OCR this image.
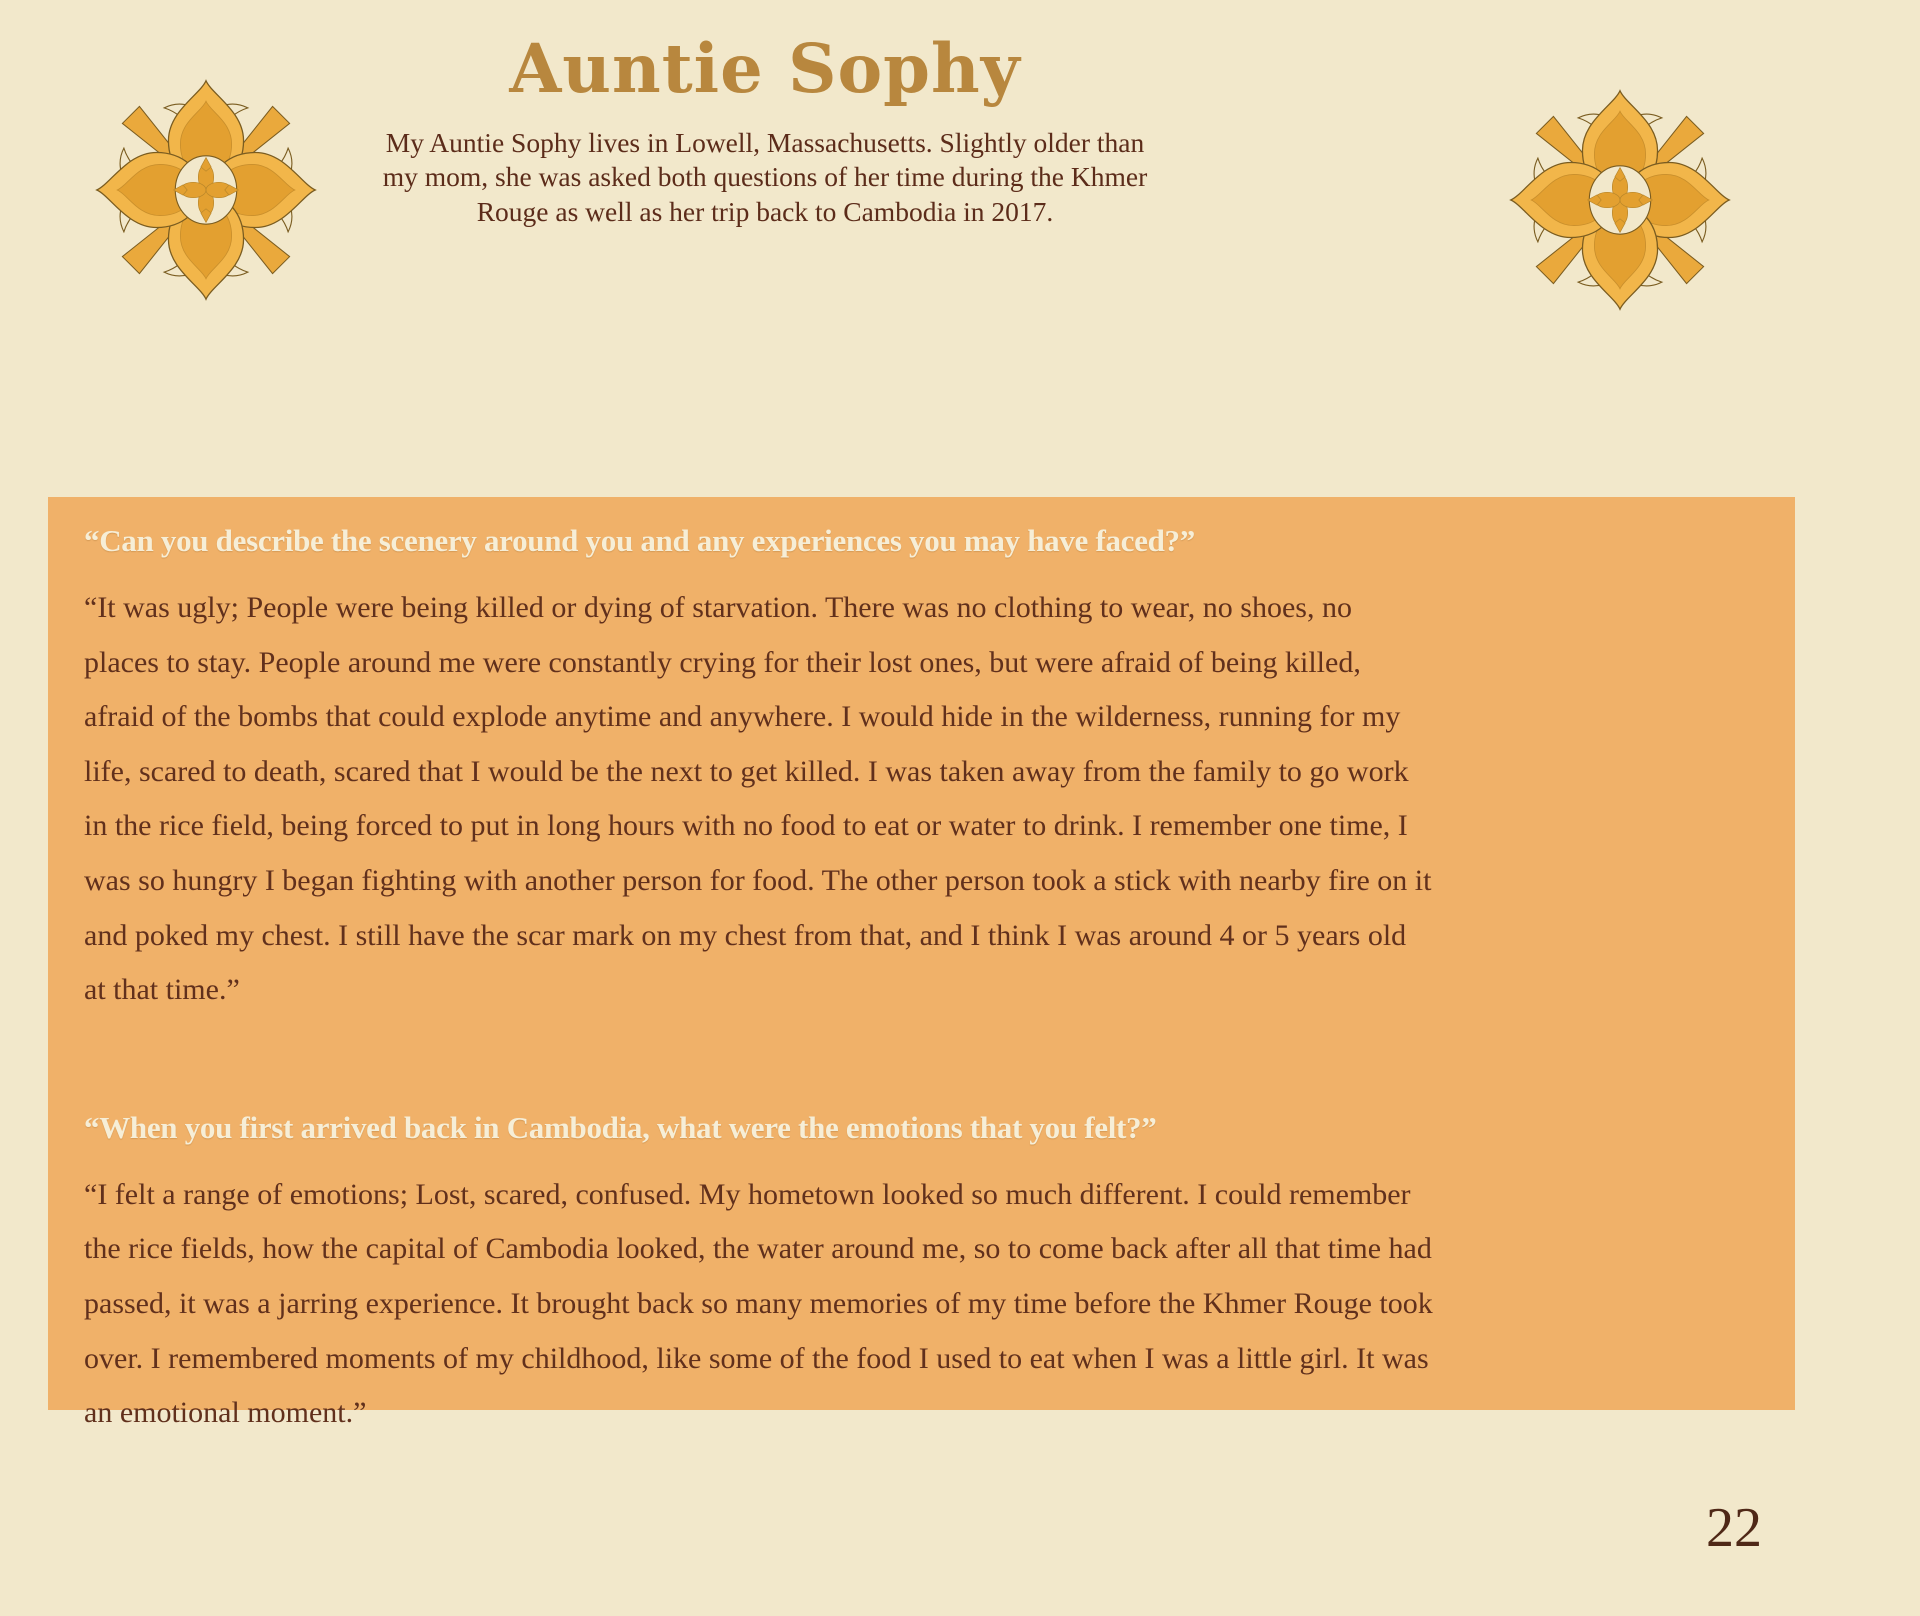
Auntie Sophy

My Auntie Sophy lives in Lowell, Massachusetts. Slightly older than my mom, she was asked both questions of her time during the Khmer Rouge as well as her trip back to Cambodia in 2017.

“Can you describe the scenery around you and any experiences you may have faced?”

“It was ugly; People were being killed or dying of starvation. There was no clothing to wear, no shoes, no places to stay. People around me were constantly crying for their lost ones, but were afraid of being killed, afraid of the bombs that could explode anytime and anywhere. I would hide in the wilderness, running for my life, scared to death, scared that I would be the next to get killed. I was taken away from the family to go work in the rice field, being forced to put in long hours with no food to eat or water to drink. I remember one time, I was so hungry I began fighting with another person for food. The other person took a stick with nearby fire on it and poked my chest. I still have the scar mark on my chest from that, and I think I was around 4 or 5 years old at that time.”

“When you first arrived back in Cambodia, what were the emotions that you felt?”

“I felt a range of emotions; Lost, scared, confused. My hometown looked so much different. I could remember the rice fields, how the capital of Cambodia looked, the water around me, so to come back after all that time had passed, it was a jarring experience. It brought back so many memories of my time before the Khmer Rouge took over. I remembered moments of my childhood, like some of the food I used to eat when I was a little girl. It was an emotional moment.”

22
